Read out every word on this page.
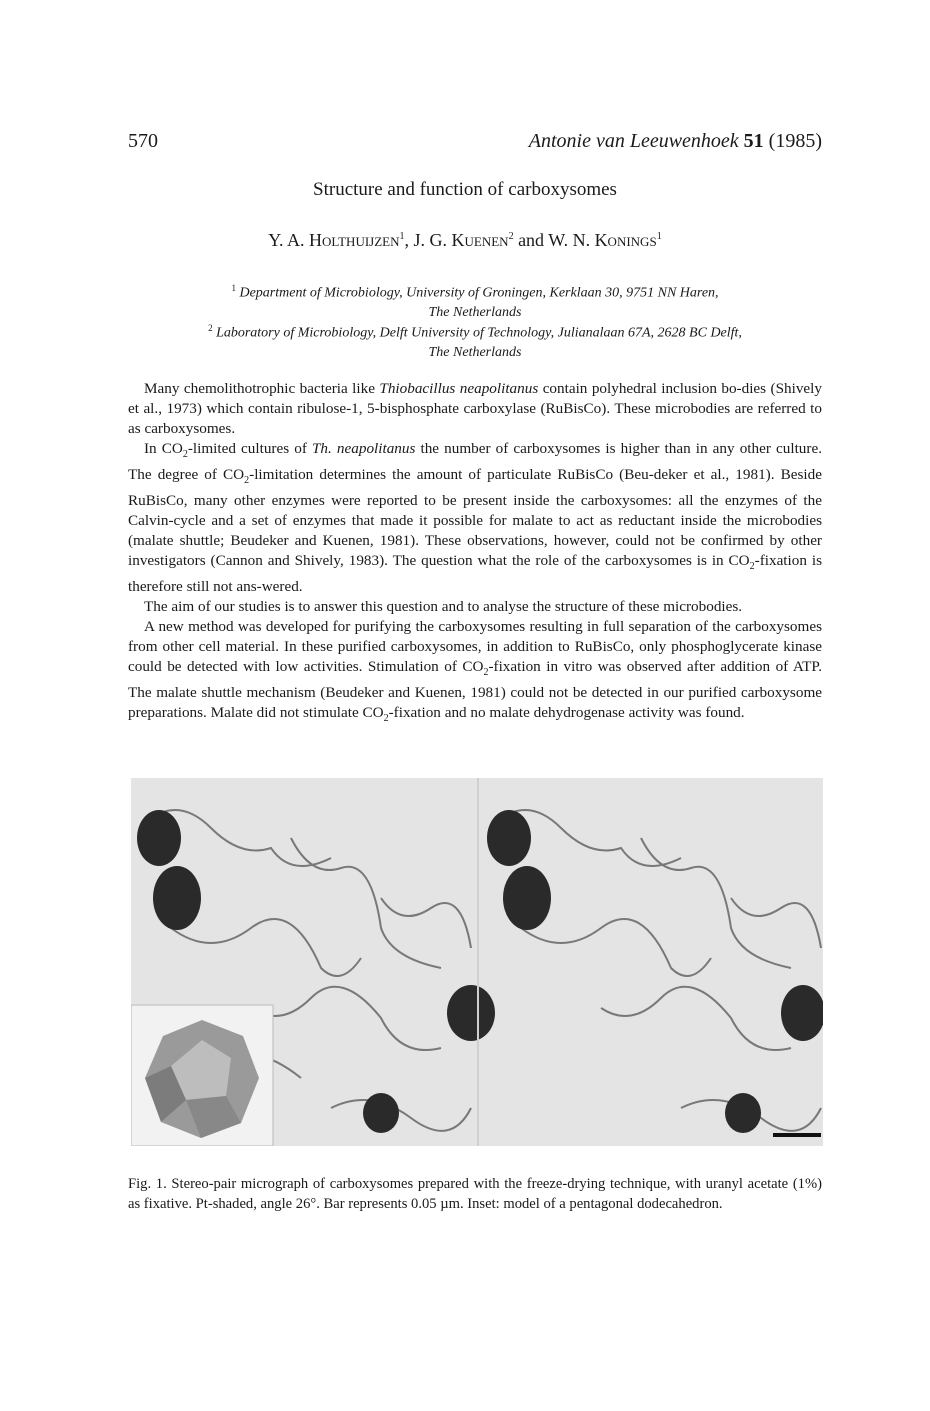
570	Antonie van Leeuwenhoek 51 (1985)
Structure and function of carboxysomes
Y. A. Holthuijzen$^1$, J. G. Kuenen$^2$ and W. N. Konings$^1$
$^1$ Department of Microbiology, University of Groningen, Kerklaan 30, 9751 NN Haren,
The Netherlands
$^2$ Laboratory of Microbiology, Delft University of Technology, Julianalaan 67A, 2628 BC Delft,
The Netherlands

Many chemolithotrophic bacteria like Thiobacillus neapolitanus contain polyhedral inclusion bo-dies (Shively et al., 1973) which contain ribulose-1, 5-bisphosphate carboxylase (RuBisCo). These microbodies are referred to as carboxysomes.

In $CO_2$-limited cultures of Th. neapolitanus the number of carboxysomes is higher than in any other culture. The degree of $CO_2$-limitation determines the amount of particulate RuBisCo (Beu-deker et al., 1981). Beside RuBisCo, many other enzymes were reported to be present inside the carboxysomes: all the enzymes of the Calvin-cycle and a set of enzymes that made it possible for malate to act as reductant inside the microbodies (malate shuttle; Beudeker and Kuenen, 1981). These observations, however, could not be confirmed by other investigators (Cannon and Shively, 1983). The question what the role of the carboxysomes is in $CO_2$-fixation is therefore still not ans-wered.

The aim of our studies is to answer this question and to analyse the structure of these microbodies.

A new method was developed for purifying the carboxysomes resulting in full separation of the carboxysomes from other cell material. In these purified carboxysomes, in addition to RuBisCo, only phosphoglycerate kinase could be detected with low activities. Stimulation of $CO_2$-fixation in vitro was observed after addition of ATP. The malate shuttle mechanism (Beudeker and Kuenen, 1981) could not be detected in our purified carboxysome preparations. Malate did not stimulate $CO_2$-fixation and no malate dehydrogenase activity was found.

Fig. 1. Stereo-pair micrograph of carboxysomes prepared with the freeze-drying technique, with uranyl acetate (1%) as fixative. Pt-shaded, angle 26°. Bar represents 0.05 µm. Inset: model of a pentagonal dodecahedron.
